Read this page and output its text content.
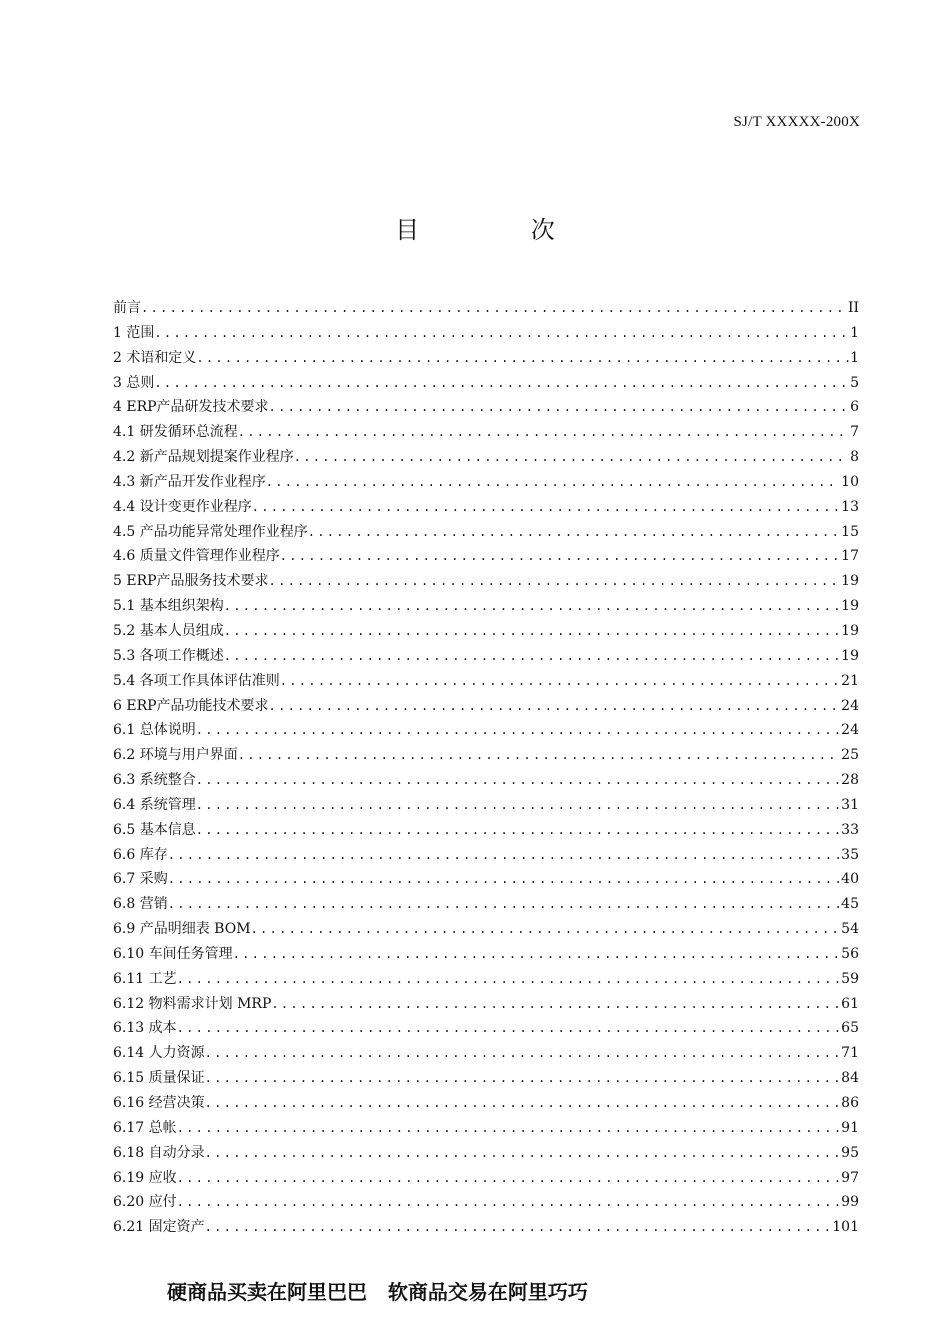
SJ/T XXXXX-200X
目 次
前言 .....	II
1 范围 .....	1
2 术语和定义 .....	1
3 总则 .....	5
4 ERP产品研发技术要求 .....	6
4.1 研发循环总流程 .....	7
4.2 新产品规划提案作业程序 .....	8
4.3 新产品开发作业程序 .....	10
4.4 设计变更作业程序 .....	13
4.5 产品功能异常处理作业程序 .....	15
4.6 质量文件管理作业程序 .....	17
5 ERP产品服务技术要求 .....	19
5.1 基本组织架构 .....	19
5.2 基本人员组成 .....	19
5.3 各项工作概述 .....	19
5.4 各项工作具体评估准则 .....	21
6 ERP产品功能技术要求 .....	24
6.1 总体说明 .....	24
6.2 环境与用户界面 .....	25
6.3 系统整合 .....	28
6.4 系统管理 .....	31
6.5 基本信息 .....	33
6.6 库存 .....	35
6.7 采购 .....	40
6.8 营销 .....	45
6.9 产品明细表 BOM .....	54
6.10 车间任务管理 .....	56
6.11 工艺 .....	59
6.12 物料需求计划 MRP .....	61
6.13 成本 .....	65
6.14 人力资源 .....	71
6.15 质量保证 .....	84
6.16 经营决策 .....	86
6.17 总帐 .....	91
6.18 自动分录 .....	95
6.19 应收 .....	97
6.20 应付 .....	99
6.21 固定资产 .....	101
硬商品买卖在阿里巴巴   软商品交易在阿里巧巧
